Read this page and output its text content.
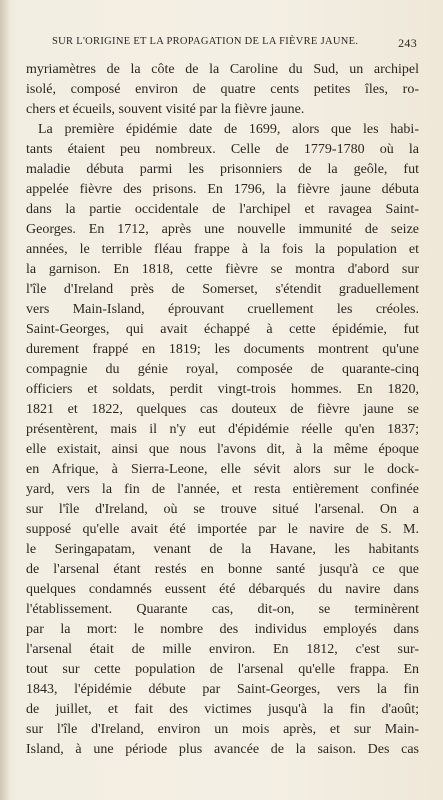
SUR L'ORIGINE ET LA PROPAGATION DE LA FIÈVRE JAUNE.	243
myriamètres de la côte de la Caroline du Sud, un archipel
isolé, composé environ de quatre cents petites îles, ro-
chers et écueils, souvent visité par la fièvre jaune.
La première épidémie date de 1699, alors que les habi-
tants étaient peu nombreux. Celle de 1779-1780 où la
maladie débuta parmi les prisonniers de la geôle, fut
appelée fièvre des prisons. En 1796, la fièvre jaune débuta
dans la partie occidentale de l'archipel et ravagea Saint-
Georges. En 1712, après une nouvelle immunité de seize
années, le terrible fléau frappe à la fois la population et
la garnison. En 1818, cette fièvre se montra d'abord sur
l'île d'Ireland près de Somerset, s'étendit graduellement
vers Main-Island, éprouvant cruellement les créoles.
Saint-Georges, qui avait échappé à cette épidémie, fut
durement frappé en 1819; les documents montrent qu'une
compagnie du génie royal, composée de quarante-cinq
officiers et soldats, perdit vingt-trois hommes. En 1820,
1821 et 1822, quelques cas douteux de fièvre jaune se
présentèrent, mais il n'y eut d'épidémie réelle qu'en 1837;
elle existait, ainsi que nous l'avons dit, à la même époque
en Afrique, à Sierra-Leone, elle sévit alors sur le dock-
yard, vers la fin de l'année, et resta entièrement confinée
sur l'île d'Ireland, où se trouve situé l'arsenal. On a
supposé qu'elle avait été importée par le navire de S. M.
le Seringapatam, venant de la Havane, les habitants
de l'arsenal étant restés en bonne santé jusqu'à ce que
quelques condamnés eussent été débarqués du navire dans
l'établissement. Quarante cas, dit-on, se terminèrent
par la mort: le nombre des individus employés dans
l'arsenal était de mille environ. En 1812, c'est sur-
tout sur cette population de l'arsenal qu'elle frappa. En
1843, l'épidémie débute par Saint-Georges, vers la fin
de juillet, et fait des victimes jusqu'à la fin d'août;
sur l'île d'Ireland, environ un mois après, et sur Main-
Island, à une période plus avancée de la saison. Des cas
